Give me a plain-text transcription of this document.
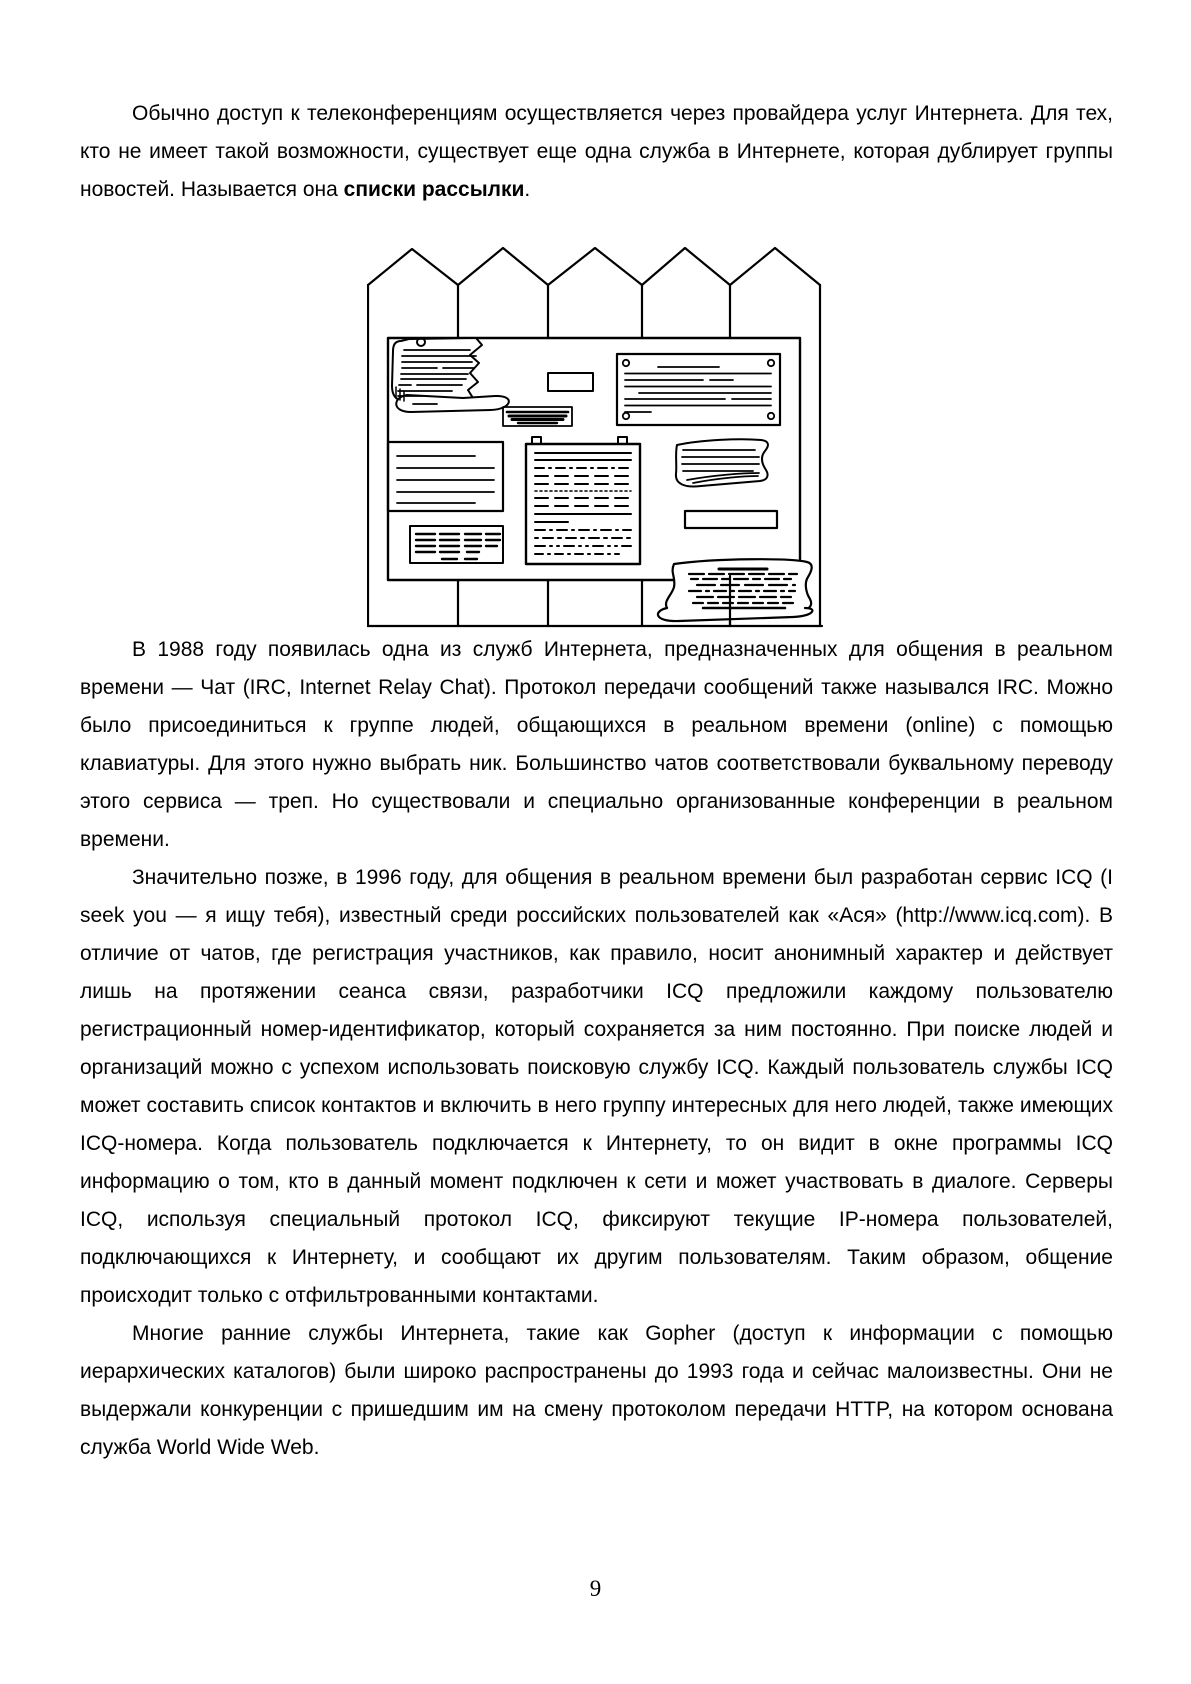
Обычно доступ к телеконференциям осуществляется через провайдера услуг Интернета. Для тех, кто не имеет такой возможности, существует еще одна служба в Интернете, которая дублирует группы новостей. Называется она списки рассылки.

В 1988 году появилась одна из служб Интернета, предназначенных для общения в реальном времени — Чат (IRC, Internet Relay Chat). Протокол передачи сообщений также назывался IRC. Можно было присоединиться к группе людей, общающихся в реальном времени (online) с помощью клавиатуры. Для этого нужно выбрать ник. Большинство чатов соответствовали буквальному переводу этого сервиса — треп. Но существовали и специально организованные конференции в реальном времени.

Значительно позже, в 1996 году, для общения в реальном времени был разработан сервис ICQ (I seek you — я ищу тебя), известный среди российских пользователей как «Ася» (http://www.icq.com). В отличие от чатов, где регистрация участников, как правило, носит анонимный характер и действует лишь на протяжении сеанса связи, разработчики ICQ предложили каждому пользователю регистрационный номер-идентификатор, который сохраняется за ним постоянно. При поиске людей и организаций можно с успехом использовать поисковую службу ICQ. Каждый пользователь службы ICQ может составить список контактов и включить в него группу интересных для него людей, также имеющих ICQ-номера. Когда пользователь подключается к Интернету, то он видит в окне программы ICQ информацию о том, кто в данный момент подключен к сети и может участвовать в диалоге. Серверы ICQ, используя специальный протокол ICQ, фиксируют текущие IP-номера пользователей, подключающихся к Интернету, и сообщают их другим пользователям. Таким образом, общение происходит только с отфильтрованными контактами.

Многие ранние службы Интернета, такие как Gopher (доступ к информации с помощью иерархических каталогов) были широко распространены до 1993 года и сейчас малоизвестны. Они не выдержали конкуренции с пришедшим им на смену протоколом передачи HTTP, на котором основана служба World Wide Web.

9
